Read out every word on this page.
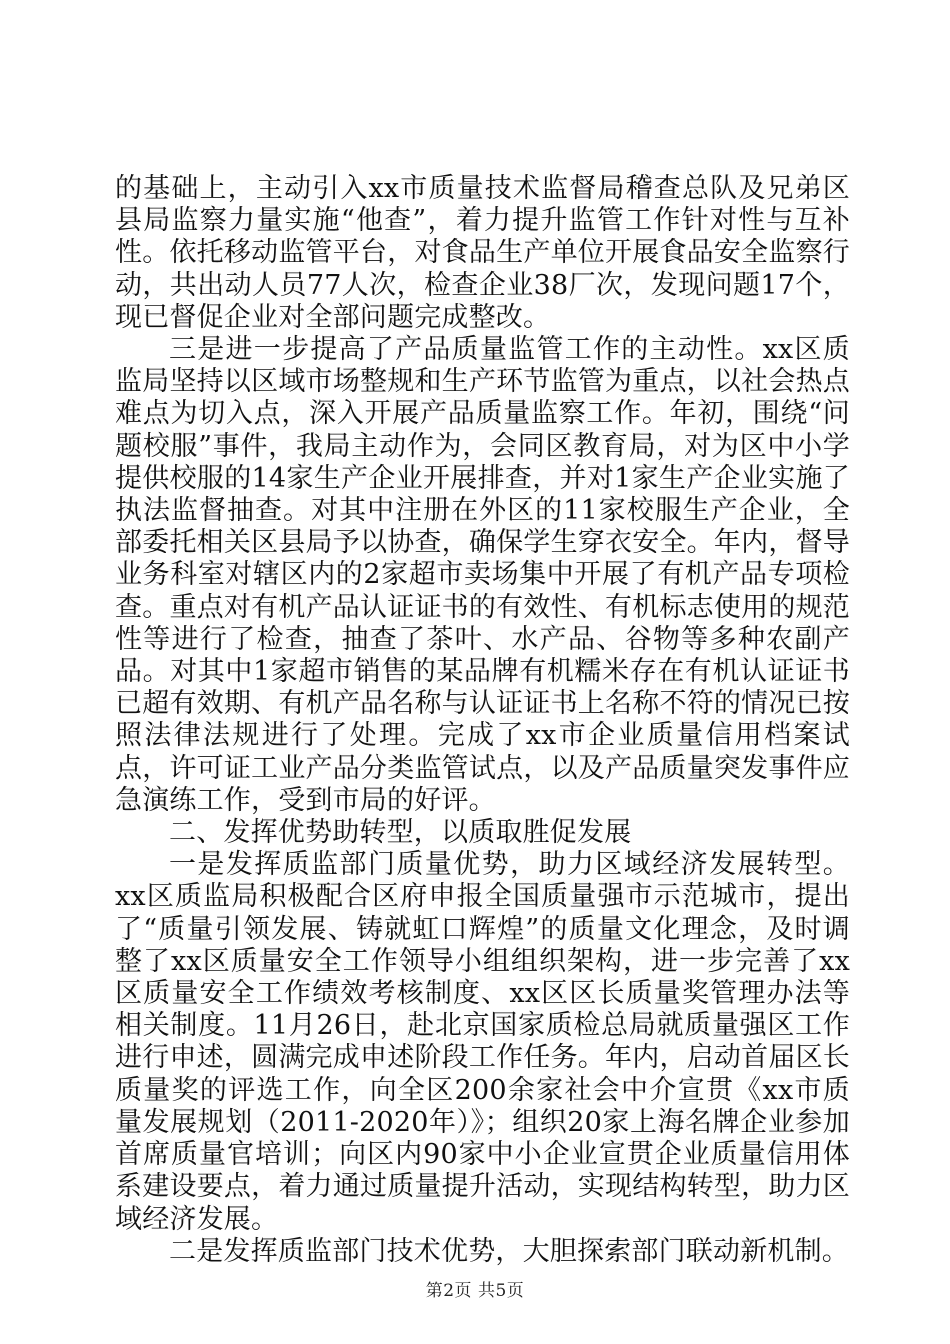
的基础上，主动引入xx市质量技术监督局稽查总队及兄弟区县局监察力量实施“他查”，着力提升监管工作针对性与互补性。依托移动监管平台，对食品生产单位开展食品安全监察行动，共出动人员77人次，检查企业38厂次，发现问题17个，现已督促企业对全部问题完成整改。

三是进一步提高了产品质量监管工作的主动性。xx区质监局坚持以区域市场整规和生产环节监管为重点，以社会热点难点为切入点，深入开展产品质量监察工作。年初，围绕“问题校服”事件，我局主动作为，会同区教育局，对为区中小学提供校服的14家生产企业开展排查，并对1家生产企业实施了执法监督抽查。对其中注册在外区的11家校服生产企业，全部委托相关区县局予以协查，确保学生穿衣安全。年内，督导业务科室对辖区内的2家超市卖场集中开展了有机产品专项检查。重点对有机产品认证证书的有效性、有机标志使用的规范性等进行了检查，抽查了茶叶、水产品、谷物等多种农副产品。对其中1家超市销售的某品牌有机糯米存在有机认证证书已超有效期、有机产品名称与认证证书上名称不符的情况已按照法律法规进行了处理。完成了xx市企业质量信用档案试点，许可证工业产品分类监管试点，以及产品质量突发事件应急演练工作，受到市局的好评。

二、发挥优势助转型，以质取胜促发展

一是发挥质监部门质量优势，助力区域经济发展转型。xx区质监局积极配合区府申报全国质量强市示范城市，提出了“质量引领发展、铸就虹口辉煌”的质量文化理念，及时调整了xx区质量安全工作领导小组组织架构，进一步完善了xx区质量安全工作绩效考核制度、xx区区长质量奖管理办法等相关制度。11月26日，赴北京国家质检总局就质量强区工作进行申述，圆满完成申述阶段工作任务。年内，启动首届区长质量奖的评选工作，向全区200余家社会中介宣贯《xx市质量发展规划（2011-2020年）》；组织20家上海名牌企业参加首席质量官培训；向区内90家中小企业宣贯企业质量信用体系建设要点，着力通过质量提升活动，实现结构转型，助力区域经济发展。

二是发挥质监部门技术优势，大胆探索部门联动新机制。

第2页 共5页
